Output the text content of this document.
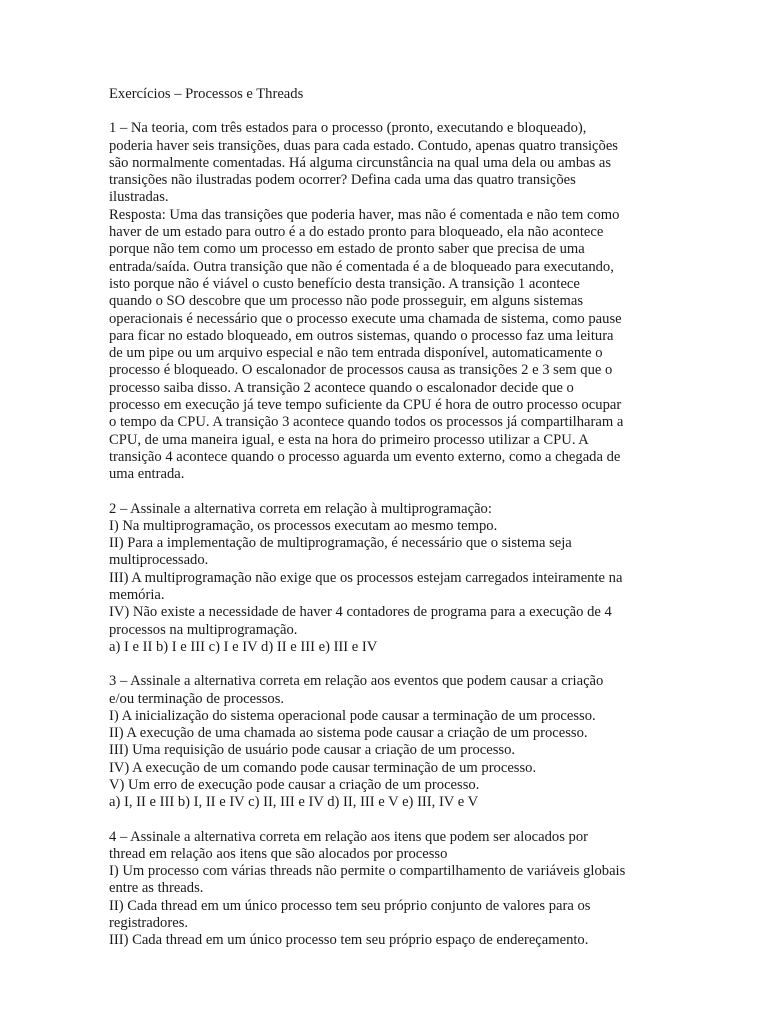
Exercícios – Processos e Threads
1 – Na teoria, com três estados para o processo (pronto, executando e bloqueado),
poderia haver seis transições, duas para cada estado. Contudo, apenas quatro transições
são normalmente comentadas. Há alguma circunstância na qual uma dela ou ambas as
transições não ilustradas podem ocorrer? Defina cada uma das quatro transições
ilustradas.
Resposta: Uma das transições que poderia haver, mas não é comentada e não tem como
haver de um estado para outro é a do estado pronto para bloqueado, ela não acontece
porque não tem como um processo em estado de pronto saber que precisa de uma
entrada/saída. Outra transição que não é comentada é a de bloqueado para executando,
isto porque não é viável o custo benefício desta transição. A transição 1 acontece
quando o SO descobre que um processo não pode prosseguir, em alguns sistemas
operacionais é necessário que o processo execute uma chamada de sistema, como pause
para ficar no estado bloqueado, em outros sistemas, quando o processo faz uma leitura
de um pipe ou um arquivo especial e não tem entrada disponível, automaticamente o
processo é bloqueado. O escalonador de processos causa as transições 2 e 3 sem que o
processo saiba disso. A transição 2 acontece quando o escalonador decide que o
processo em execução já teve tempo suficiente da CPU é hora de outro processo ocupar
o tempo da CPU. A transição 3 acontece quando todos os processos já compartilharam a
CPU, de uma maneira igual, e esta na hora do primeiro processo utilizar a CPU. A
transição 4 acontece quando o processo aguarda um evento externo, como a chegada de
uma entrada.
2 – Assinale a alternativa correta em relação à multiprogramação:
I) Na multiprogramação, os processos executam ao mesmo tempo.
II) Para a implementação de multiprogramação, é necessário que o sistema seja
multiprocessado.
III) A multiprogramação não exige que os processos estejam carregados inteiramente na
memória.
IV) Não existe a necessidade de haver 4 contadores de programa para a execução de 4
processos na multiprogramação.
a) I e II b) I e III c) I e IV d) II e III e) III e IV
3 – Assinale a alternativa correta em relação aos eventos que podem causar a criação
e/ou terminação de processos.
I) A inicialização do sistema operacional pode causar a terminação de um processo.
II) A execução de uma chamada ao sistema pode causar a criação de um processo.
III) Uma requisição de usuário pode causar a criação de um processo.
IV) A execução de um comando pode causar terminação de um processo.
V) Um erro de execução pode causar a criação de um processo.
a) I, II e III b) I, II e IV c) II, III e IV d) II, III e V e) III, IV e V
4 – Assinale a alternativa correta em relação aos itens que podem ser alocados por
thread em relação aos itens que são alocados por processo
I) Um processo com várias threads não permite o compartilhamento de variáveis globais
entre as threads.
II) Cada thread em um único processo tem seu próprio conjunto de valores para os
registradores.
III) Cada thread em um único processo tem seu próprio espaço de endereçamento.
